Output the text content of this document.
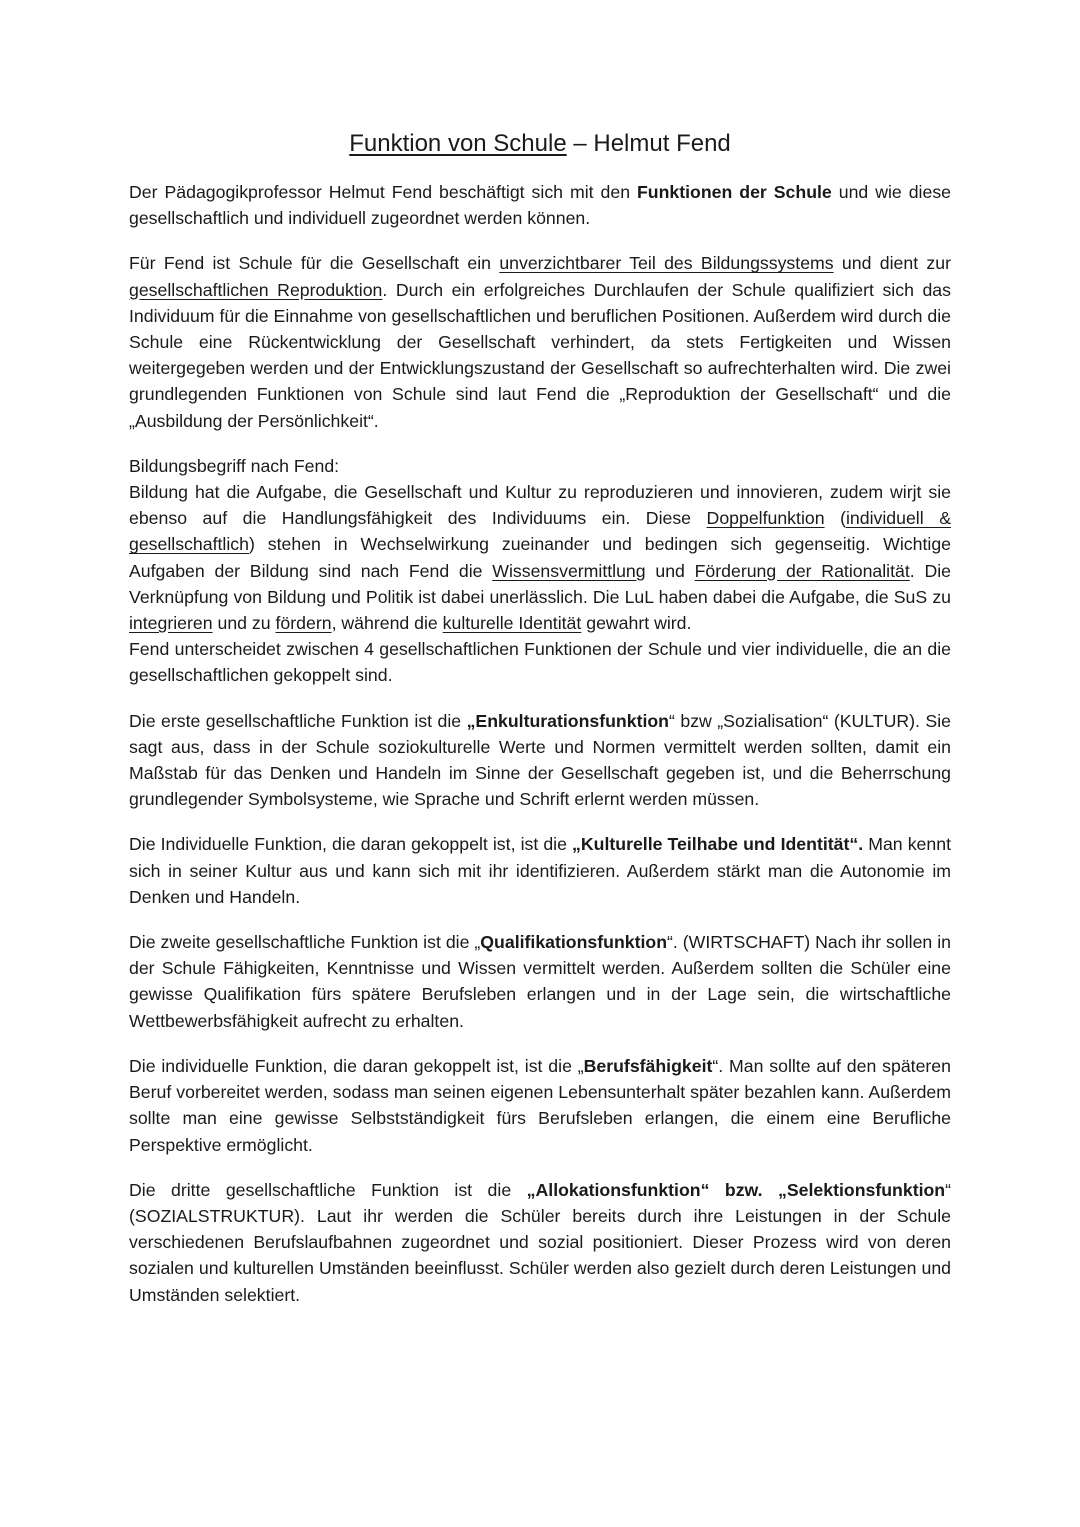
Funktion von Schule – Helmut Fend

Der Pädagogikprofessor Helmut Fend beschäftigt sich mit den Funktionen der Schule und wie diese gesellschaftlich und individuell zugeordnet werden können.

Für Fend ist Schule für die Gesellschaft ein unverzichtbarer Teil des Bildungssystems und dient zur gesellschaftlichen Reproduktion. Durch ein erfolgreiches Durchlaufen der Schule qualifiziert sich das Individuum für die Einnahme von gesellschaftlichen und beruflichen Positionen. Außerdem wird durch die Schule eine Rückentwicklung der Gesellschaft verhindert, da stets Fertigkeiten und Wissen weitergegeben werden und der Entwicklungszustand der Gesellschaft so aufrechterhalten wird. Die zwei grundlegenden Funktionen von Schule sind laut Fend die „Reproduktion der Gesellschaft“ und die „Ausbildung der Persönlichkeit“.

Bildungsbegriff nach Fend:

Bildung hat die Aufgabe, die Gesellschaft und Kultur zu reproduzieren und innovieren, zudem wirjt sie ebenso auf die Handlungsfähigkeit des Individuums ein. Diese Doppelfunktion (individuell & gesellschaftlich) stehen in Wechselwirkung zueinander und bedingen sich gegenseitig. Wichtige Aufgaben der Bildung sind nach Fend die Wissensvermittlung und Förderung der Rationalität. Die Verknüpfung von Bildung und Politik ist dabei unerlässlich. Die LuL haben dabei die Aufgabe, die SuS zu integrieren und zu fördern, während die kulturelle Identität gewahrt wird.

Fend unterscheidet zwischen 4 gesellschaftlichen Funktionen der Schule und vier individuelle, die an die gesellschaftlichen gekoppelt sind.

Die erste gesellschaftliche Funktion ist die „Enkulturationsfunktion“ bzw „Sozialisation“ (KULTUR). Sie sagt aus, dass in der Schule soziokulturelle Werte und Normen vermittelt werden sollten, damit ein Maßstab für das Denken und Handeln im Sinne der Gesellschaft gegeben ist, und die Beherrschung grundlegender Symbolsysteme, wie Sprache und Schrift erlernt werden müssen.

Die Individuelle Funktion, die daran gekoppelt ist, ist die „Kulturelle Teilhabe und Identität“. Man kennt sich in seiner Kultur aus und kann sich mit ihr identifizieren. Außerdem stärkt man die Autonomie im Denken und Handeln.

Die zweite gesellschaftliche Funktion ist die „Qualifikationsfunktion“. (WIRTSCHAFT) Nach ihr sollen in der Schule Fähigkeiten, Kenntnisse und Wissen vermittelt werden. Außerdem sollten die Schüler eine gewisse Qualifikation fürs spätere Berufsleben erlangen und in der Lage sein, die wirtschaftliche Wettbewerbsfähigkeit aufrecht zu erhalten.

Die individuelle Funktion, die daran gekoppelt ist, ist die „Berufsfähigkeit“. Man sollte auf den späteren Beruf vorbereitet werden, sodass man seinen eigenen Lebensunterhalt später bezahlen kann. Außerdem sollte man eine gewisse Selbstständigkeit fürs Berufsleben erlangen, die einem eine Berufliche Perspektive ermöglicht.

Die dritte gesellschaftliche Funktion ist die „Allokationsfunktion“ bzw. „Selektionsfunktion“ (SOZIALSTRUKTUR). Laut ihr werden die Schüler bereits durch ihre Leistungen in der Schule verschiedenen Berufslaufbahnen zugeordnet und sozial positioniert. Dieser Prozess wird von deren sozialen und kulturellen Umständen beeinflusst. Schüler werden also gezielt durch deren Leistungen und Umständen selektiert.
